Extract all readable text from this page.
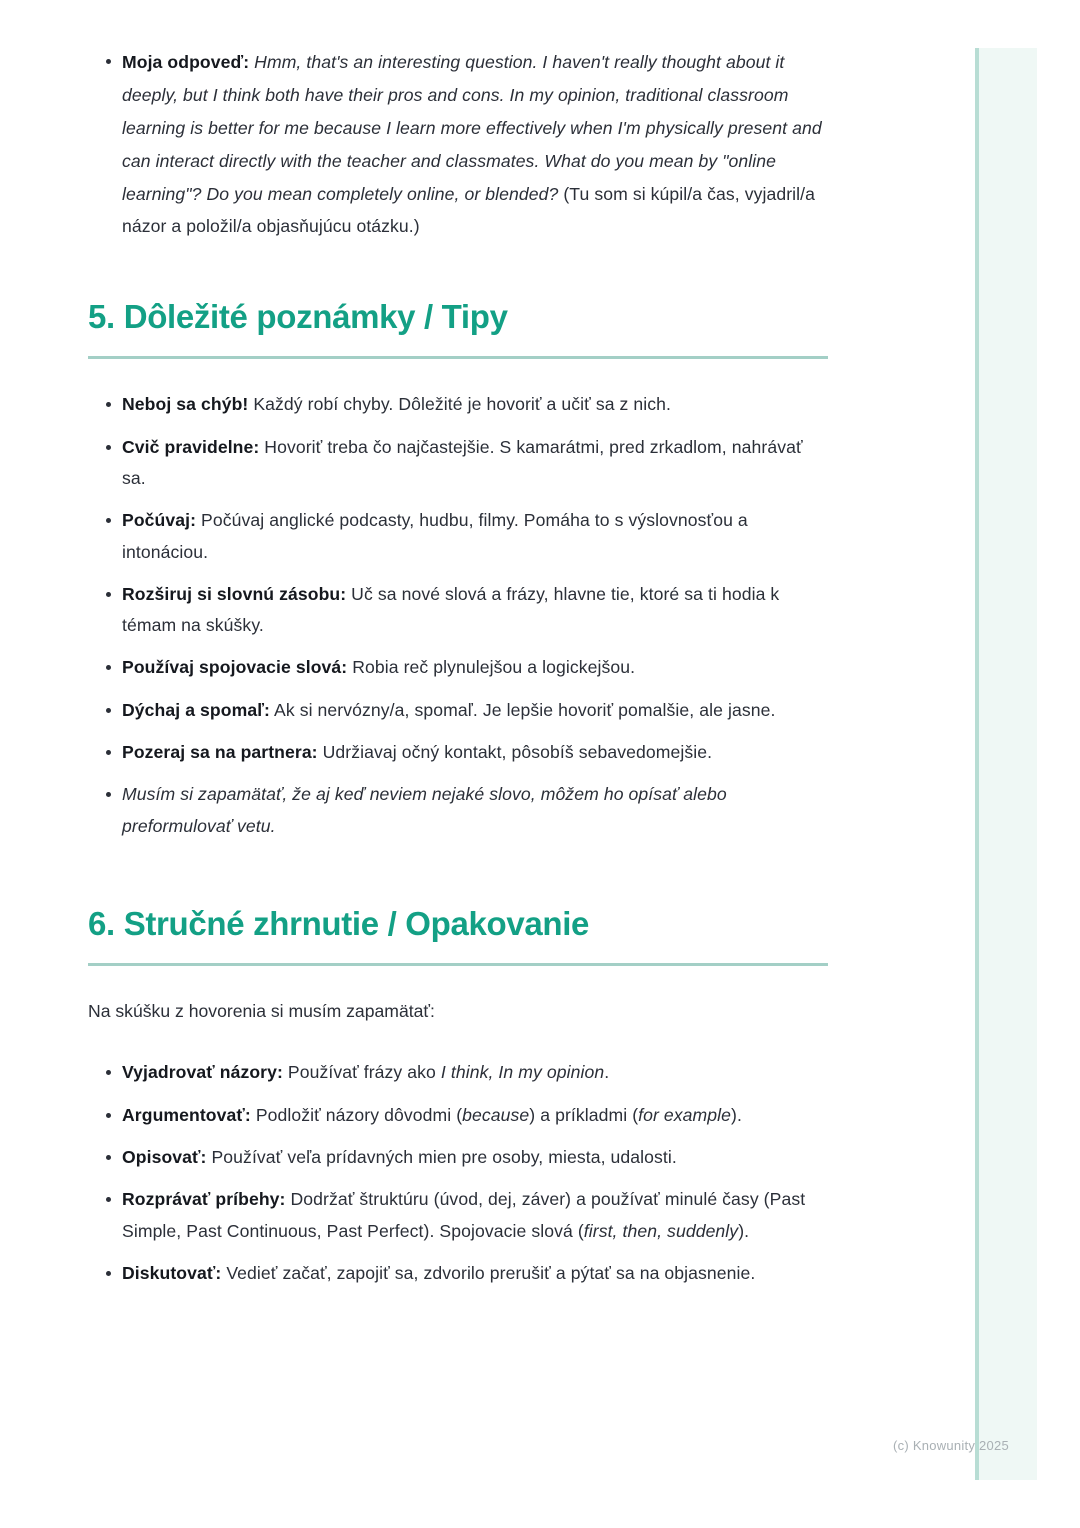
Moja odpoveď: Hmm, that's an interesting question. I haven't really thought about it deeply, but I think both have their pros and cons. In my opinion, traditional classroom learning is better for me because I learn more effectively when I'm physically present and can interact directly with the teacher and classmates. What do you mean by "online learning"? Do you mean completely online, or blended? (Tu som si kúpil/a čas, vyjadril/a názor a položil/a objasňujúcu otázku.)
5. Dôležité poznámky / Tipy
Neboj sa chýb! Každý robí chyby. Dôležité je hovoriť a učiť sa z nich.
Cvič pravidelne: Hovoriť treba čo najčastejšie. S kamarátmi, pred zrkadlom, nahrávať sa.
Počúvaj: Počúvaj anglické podcasty, hudbu, filmy. Pomáha to s výslovnosťou a intonáciou.
Rozširuj si slovnú zásobu: Uč sa nové slová a frázy, hlavne tie, ktoré sa ti hodia k témam na skúšky.
Používaj spojovacie slová: Robia reč plynulejšou a logickejšou.
Dýchaj a spomaľ: Ak si nervózny/a, spomaľ. Je lepšie hovoriť pomalšie, ale jasne.
Pozeraj sa na partnera: Udržiavaj očný kontakt, pôsobíš sebavedomejšie.
Musím si zapamätať, že aj keď neviem nejaké slovo, môžem ho opísať alebo preformulovať vetu.
6. Stručné zhrnutie / Opakovanie

Na skúšku z hovorenia si musím zapamätať:

Vyjadrovať názory: Používať frázy ako I think, In my opinion.
Argumentovať: Podložiť názory dôvodmi (because) a príkladmi (for example).
Opisovať: Používať veľa prídavných mien pre osoby, miesta, udalosti.
Rozprávať príbehy: Dodržať štruktúru (úvod, dej, záver) a používať minulé časy (Past Simple, Past Continuous, Past Perfect). Spojovacie slová (first, then, suddenly).
Diskutovať: Vedieť začať, zapojiť sa, zdvorilo prerušiť a pýtať sa na objasnenie.
(c) Knowunity 2025
